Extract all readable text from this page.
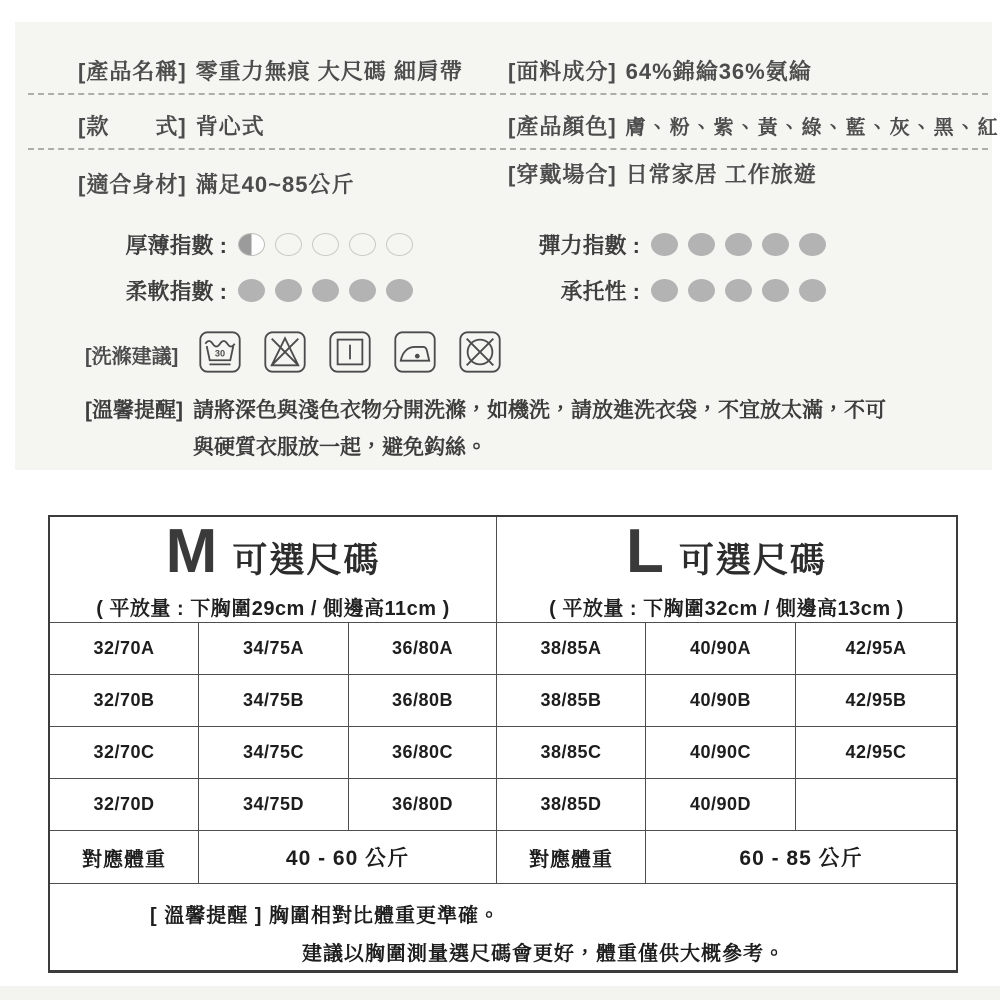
[產品名稱] 零重力無痕 大尺碼 細肩帶 [面料成分] 64%錦綸36%氨綸
[款　　式] 背心式	[產品顏色] 膚、粉、紫、黃、綠、藍、灰、黑、紅
[適合身材] 滿足40~85公斤	[穿戴場合] 日常家居 工作旅遊
厚薄指數 :	彈力指數 :
柔軟指數 :	承托性 :
[洗滌建議]	30
[溫馨提醒] 請將深色與淺色衣物分開洗滌，如機洗，請放進洗衣袋，不宜放太滿，不可
與硬質衣服放一起，避免鈎絲。
M 可選尺碼
( 平放量 : 下胸圍29cm / 側邊高11cm )
L 可選尺碼
( 平放量 : 下胸圍32cm / 側邊高13cm )
32/70A	34/75A	36/80A	38/85A	40/90A	42/95A
32/70B	34/75B	36/80B	38/85B	40/90B	42/95B
32/70C	34/75C	36/80C	38/85C	40/90C	42/95C
32/70D	34/75D	36/80D	38/85D	40/90D
對應體重	40 - 60 公斤	對應體重	60 - 85 公斤
[ 溫馨提醒 ] 胸圍相對比體重更準確。
建議以胸圍測量選尺碼會更好，體重僅供大概參考。
